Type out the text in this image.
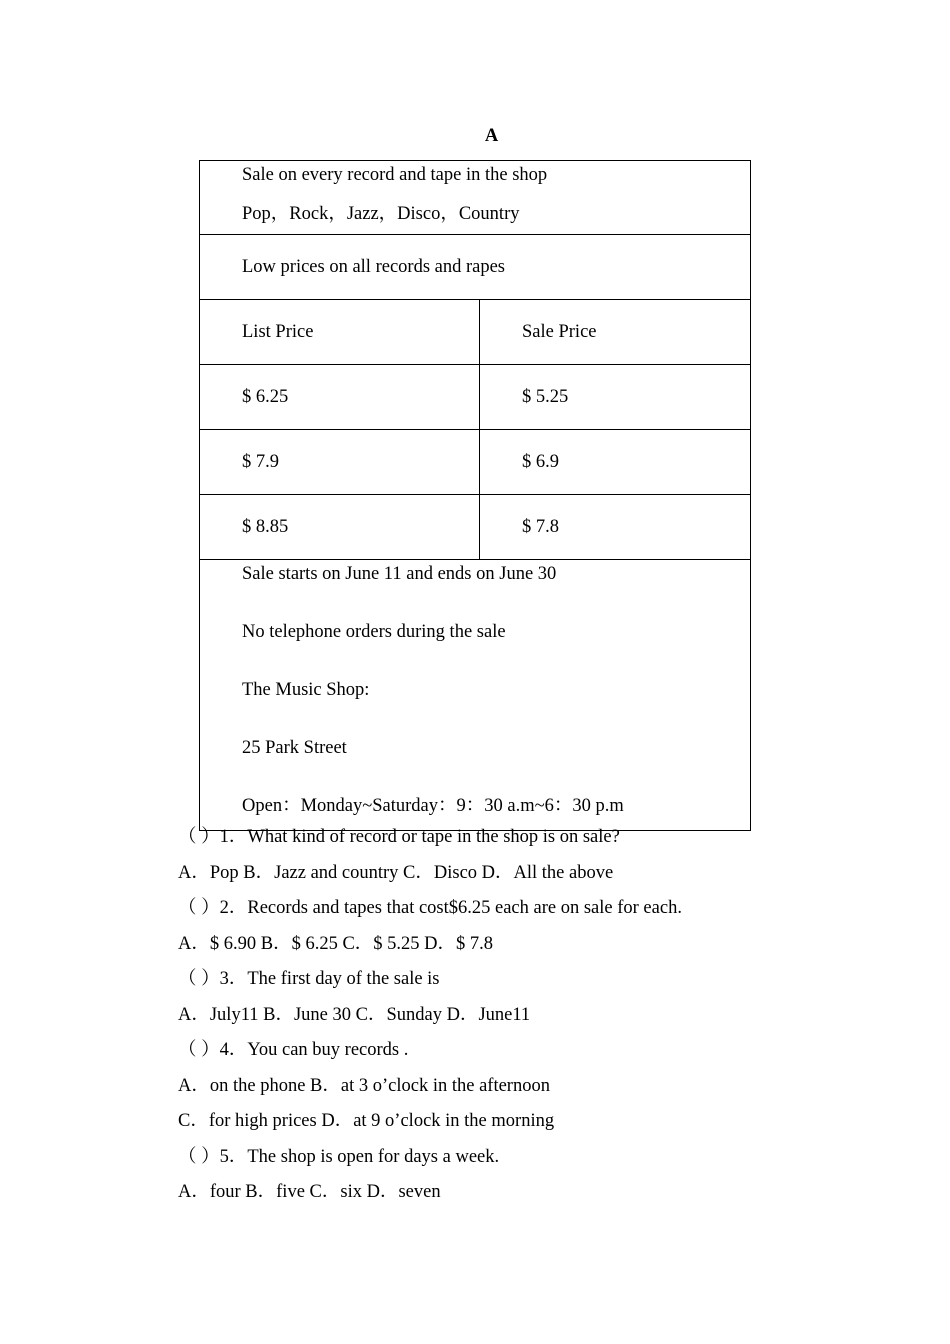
A
Sale on every record and tape in the shop
Pop，Rock，Jazz，Disco，Country	

Low prices on all records and rapes	
List Price	Sale Price
$ 6.25	$ 5.25
$ 7.9	$ 6.9
$ 8.85	$ 7.8

Sale starts on June 11 and ends on June 30
No telephone orders during the sale
The Music Shop:
25 Park Street
Open：Monday~Saturday：9：30 a.m~6：30 p.m	
（ ）1．What kind of record or tape in the shop is on sale?
A．Pop B．Jazz and country C．Disco D．All the above
（ ）2．Records and tapes that cost$6.25 each are on sale for each.
A．$ 6.90 B．$ 6.25 C．$ 5.25 D．$ 7.8
（ ）3．The first day of the sale is
A．July11 B．June 30 C．Sunday D．June11
（ ）4．You can buy records .
A．on the phone B．at 3 o’clock in the afternoon
C．for high prices D．at 9 o’clock in the morning
（ ）5．The shop is open for days a week.
A．four B．five C．six D．seven
